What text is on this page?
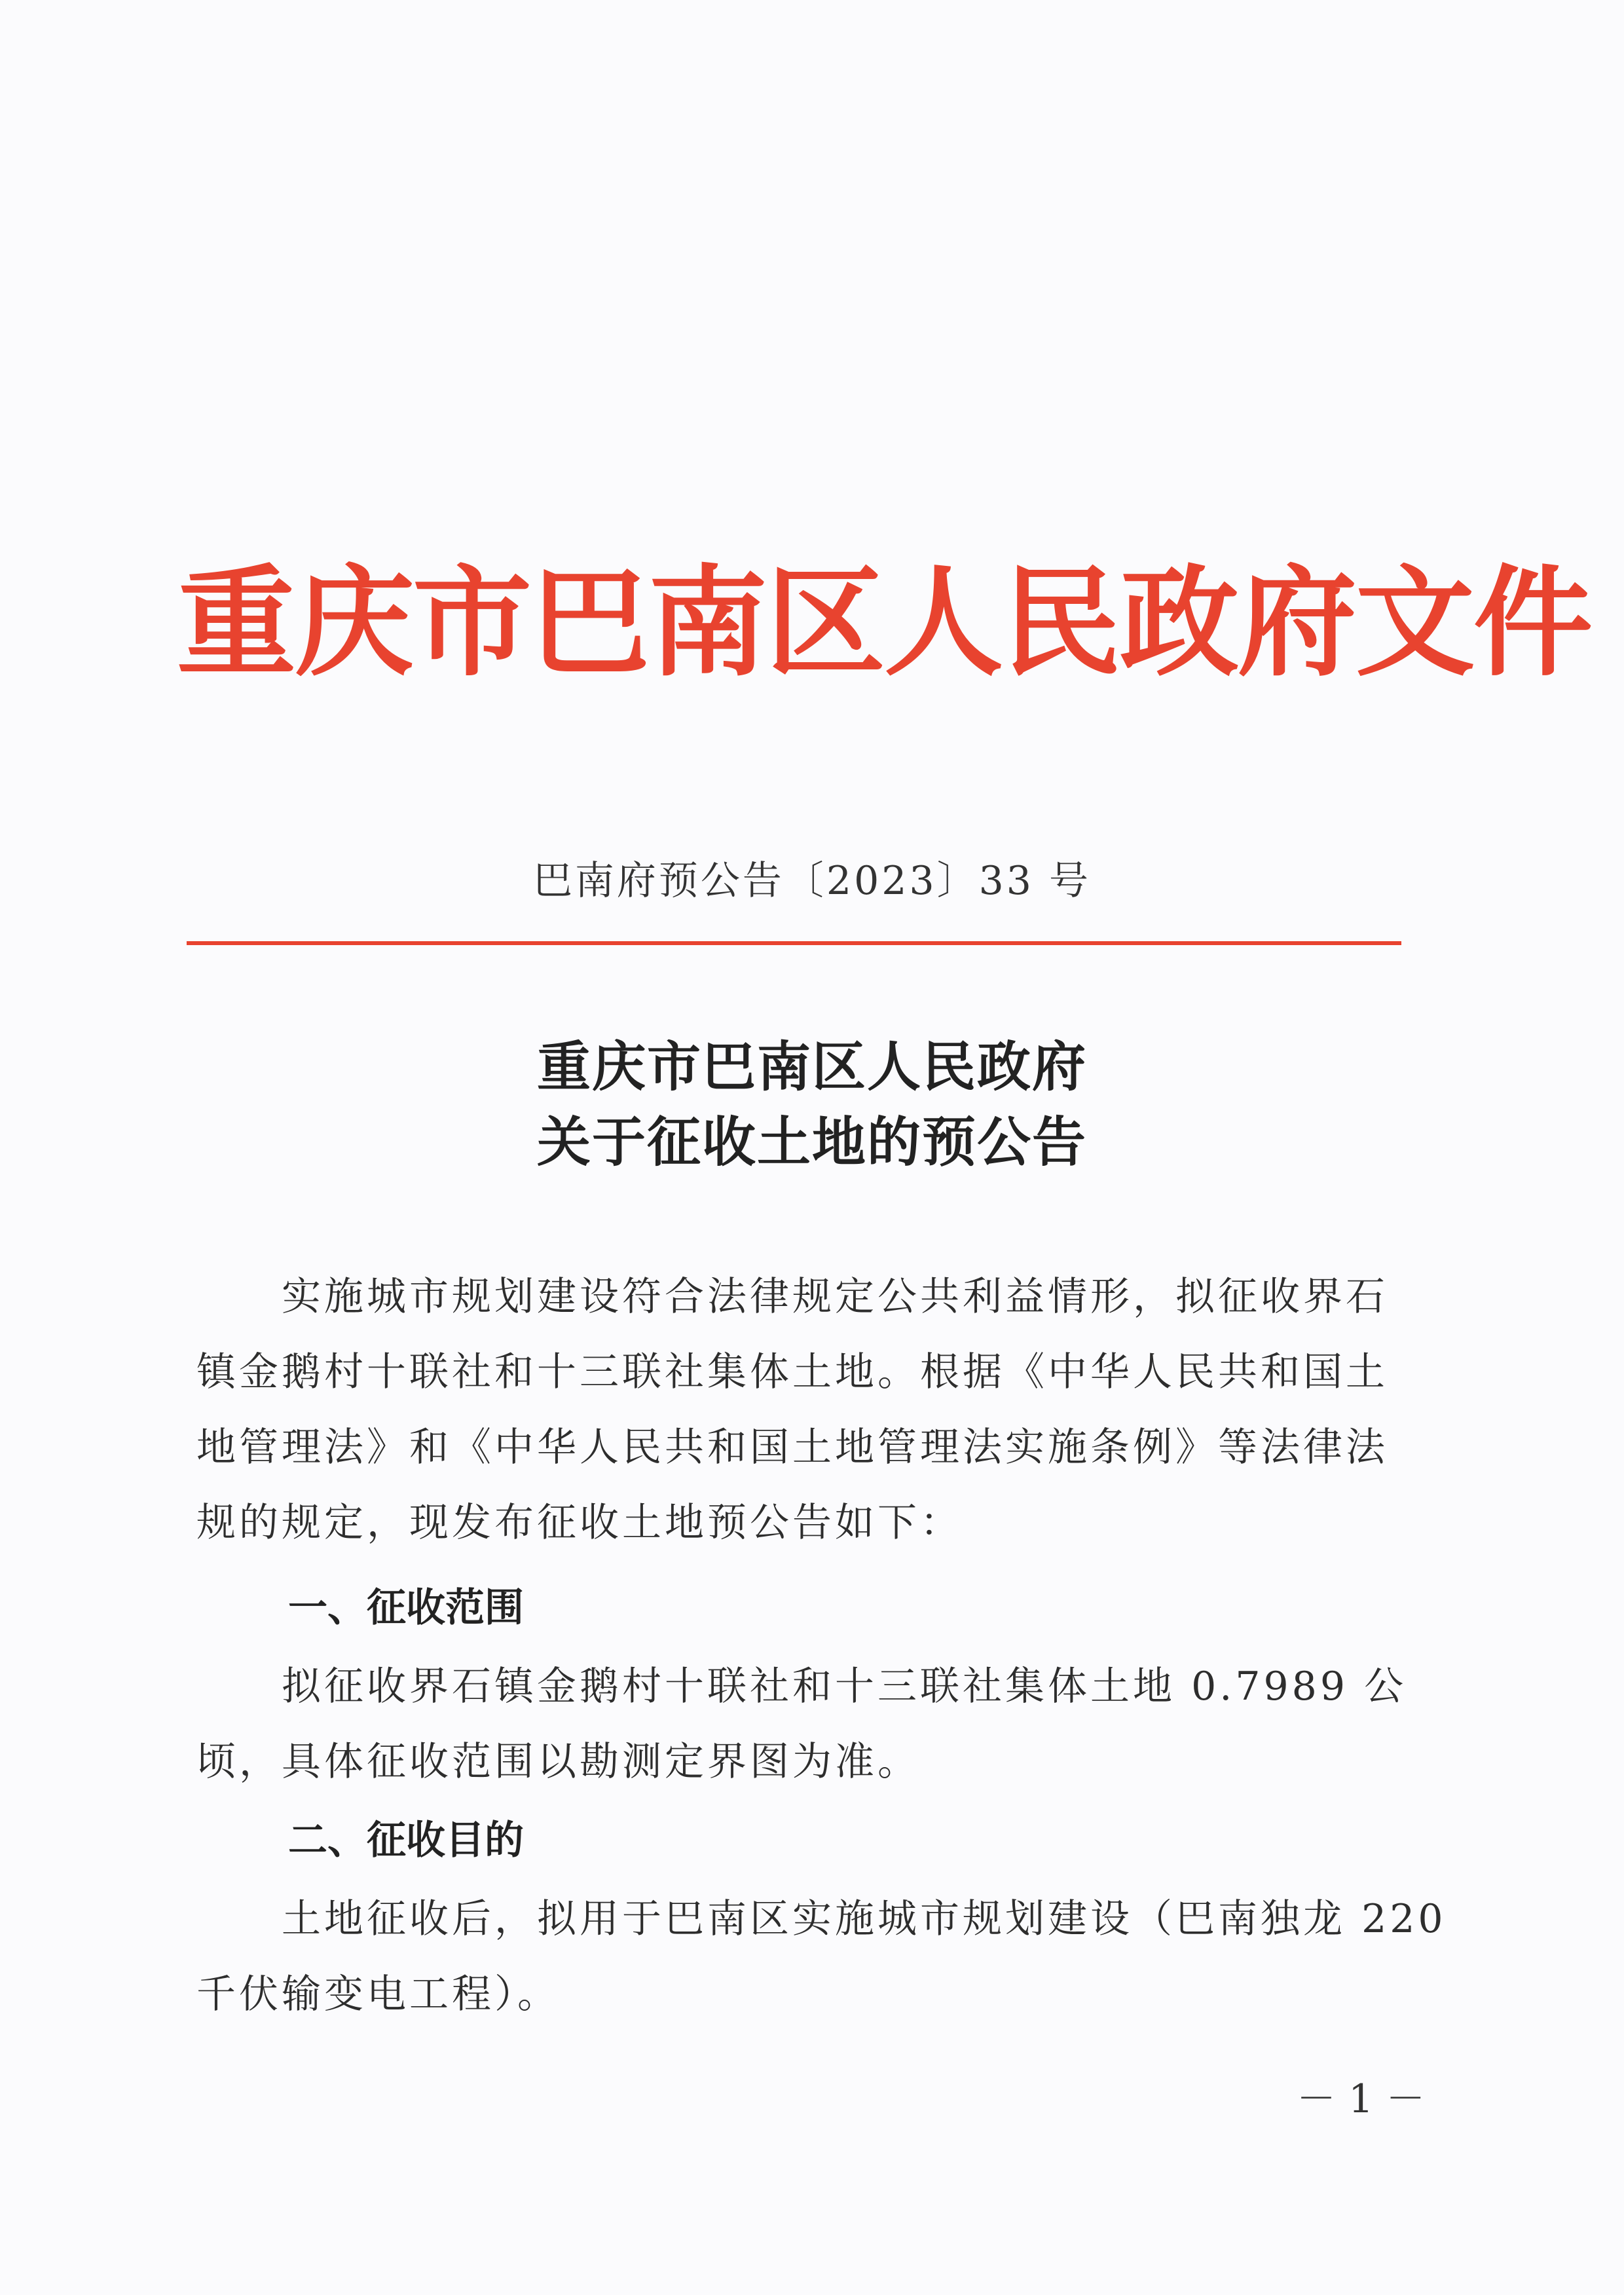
重庆市巴南区人民政府文件
巴南府预公告〔2023〕33 号
重庆市巴南区人民政府
关于征收土地的预公告
　　实施城市规划建设符合法律规定公共利益情形，拟征收界石
镇金鹅村十联社和十三联社集体土地。根据《中华人民共和国土
地管理法》和《中华人民共和国土地管理法实施条例》等法律法
规的规定，现发布征收土地预公告如下：
一、征收范围
　　拟征收界石镇金鹅村十联社和十三联社集体土地 0.7989 公
顷，具体征收范围以勘测定界图为准。
二、征收目的
　　土地征收后，拟用于巴南区实施城市规划建设（巴南独龙 220
千伏输变电工程）。
－ 1 －
